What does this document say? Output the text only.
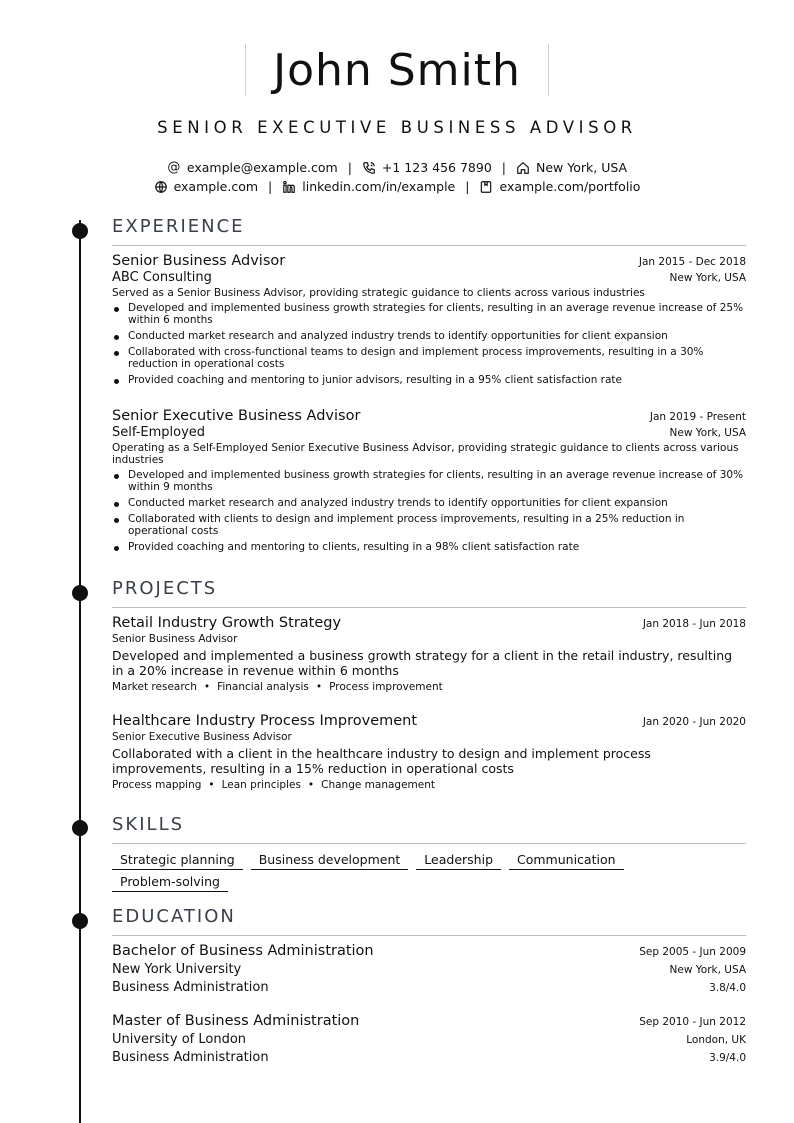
John Smith
SENIOR EXECUTIVE BUSINESS ADVISOR
@ example@example.com | +1 123 456 7890 | New York, USA
example.com | linkedin.com/in/example | example.com/portfolio
EXPERIENCE
Senior Business Advisor	Jan 2015 - Dec 2018
ABC Consulting	New York, USA
Served as a Senior Business Advisor, providing strategic guidance to clients across various industries
Developed and implemented business growth strategies for clients, resulting in an average revenue increase of 25% within 6 months
Conducted market research and analyzed industry trends to identify opportunities for client expansion
Collaborated with cross-functional teams to design and implement process improvements, resulting in a 30% reduction in operational costs
Provided coaching and mentoring to junior advisors, resulting in a 95% client satisfaction rate
Senior Executive Business Advisor	Jan 2019 - Present
Self-Employed	New York, USA
Operating as a Self-Employed Senior Executive Business Advisor, providing strategic guidance to clients across various industries
Developed and implemented business growth strategies for clients, resulting in an average revenue increase of 30% within 9 months
Conducted market research and analyzed industry trends to identify opportunities for client expansion
Collaborated with clients to design and implement process improvements, resulting in a 25% reduction in operational costs
Provided coaching and mentoring to clients, resulting in a 98% client satisfaction rate
PROJECTS
Retail Industry Growth Strategy	Jan 2018 - Jun 2018
Senior Business Advisor
Developed and implemented a business growth strategy for a client in the retail industry, resulting in a 20% increase in revenue within 6 months
Market research • Financial analysis • Process improvement
Healthcare Industry Process Improvement	Jan 2020 - Jun 2020
Senior Executive Business Advisor
Collaborated with a client in the healthcare industry to design and implement process improvements, resulting in a 15% reduction in operational costs
Process mapping • Lean principles • Change management
SKILLS
Strategic planning	Business development	Leadership	Communication
Problem-solving
EDUCATION
Bachelor of Business Administration	Sep 2005 - Jun 2009
New York University	New York, USA
Business Administration	3.8/4.0
Master of Business Administration	Sep 2010 - Jun 2012
University of London	London, UK
Business Administration	3.9/4.0
